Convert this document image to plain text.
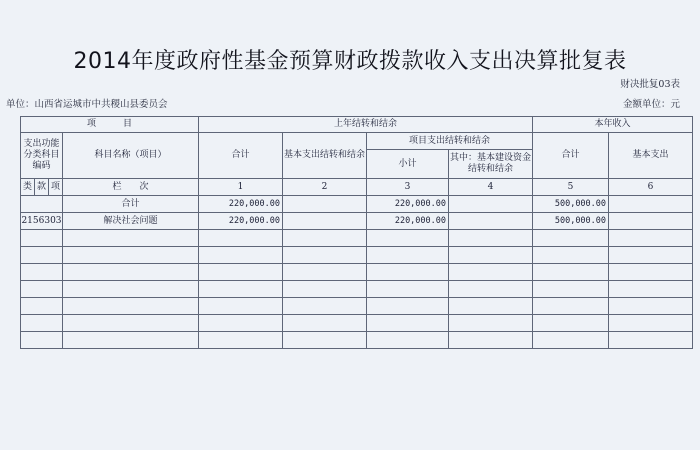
2014年度政府性基金预算财政拨款收入支出决算批复表
财决批复03表
单位：山西省运城市中共稷山县委员会	金额单位：元
项　　　目				上年结转和结余				本年收入	
支出功能分类科目编码			科目名称（项目）	合计	基本支出结转和结余	项目支出结转和结余		合计	基本支出
						小计	其中：基本建设资金结转和结余		
类	款	项	栏　　次	1	2	3	4	5	6
			合计	220,000.00		220,000.00		500,000.00	
2156303			解决社会问题	220,000.00		220,000.00		500,000.00	
